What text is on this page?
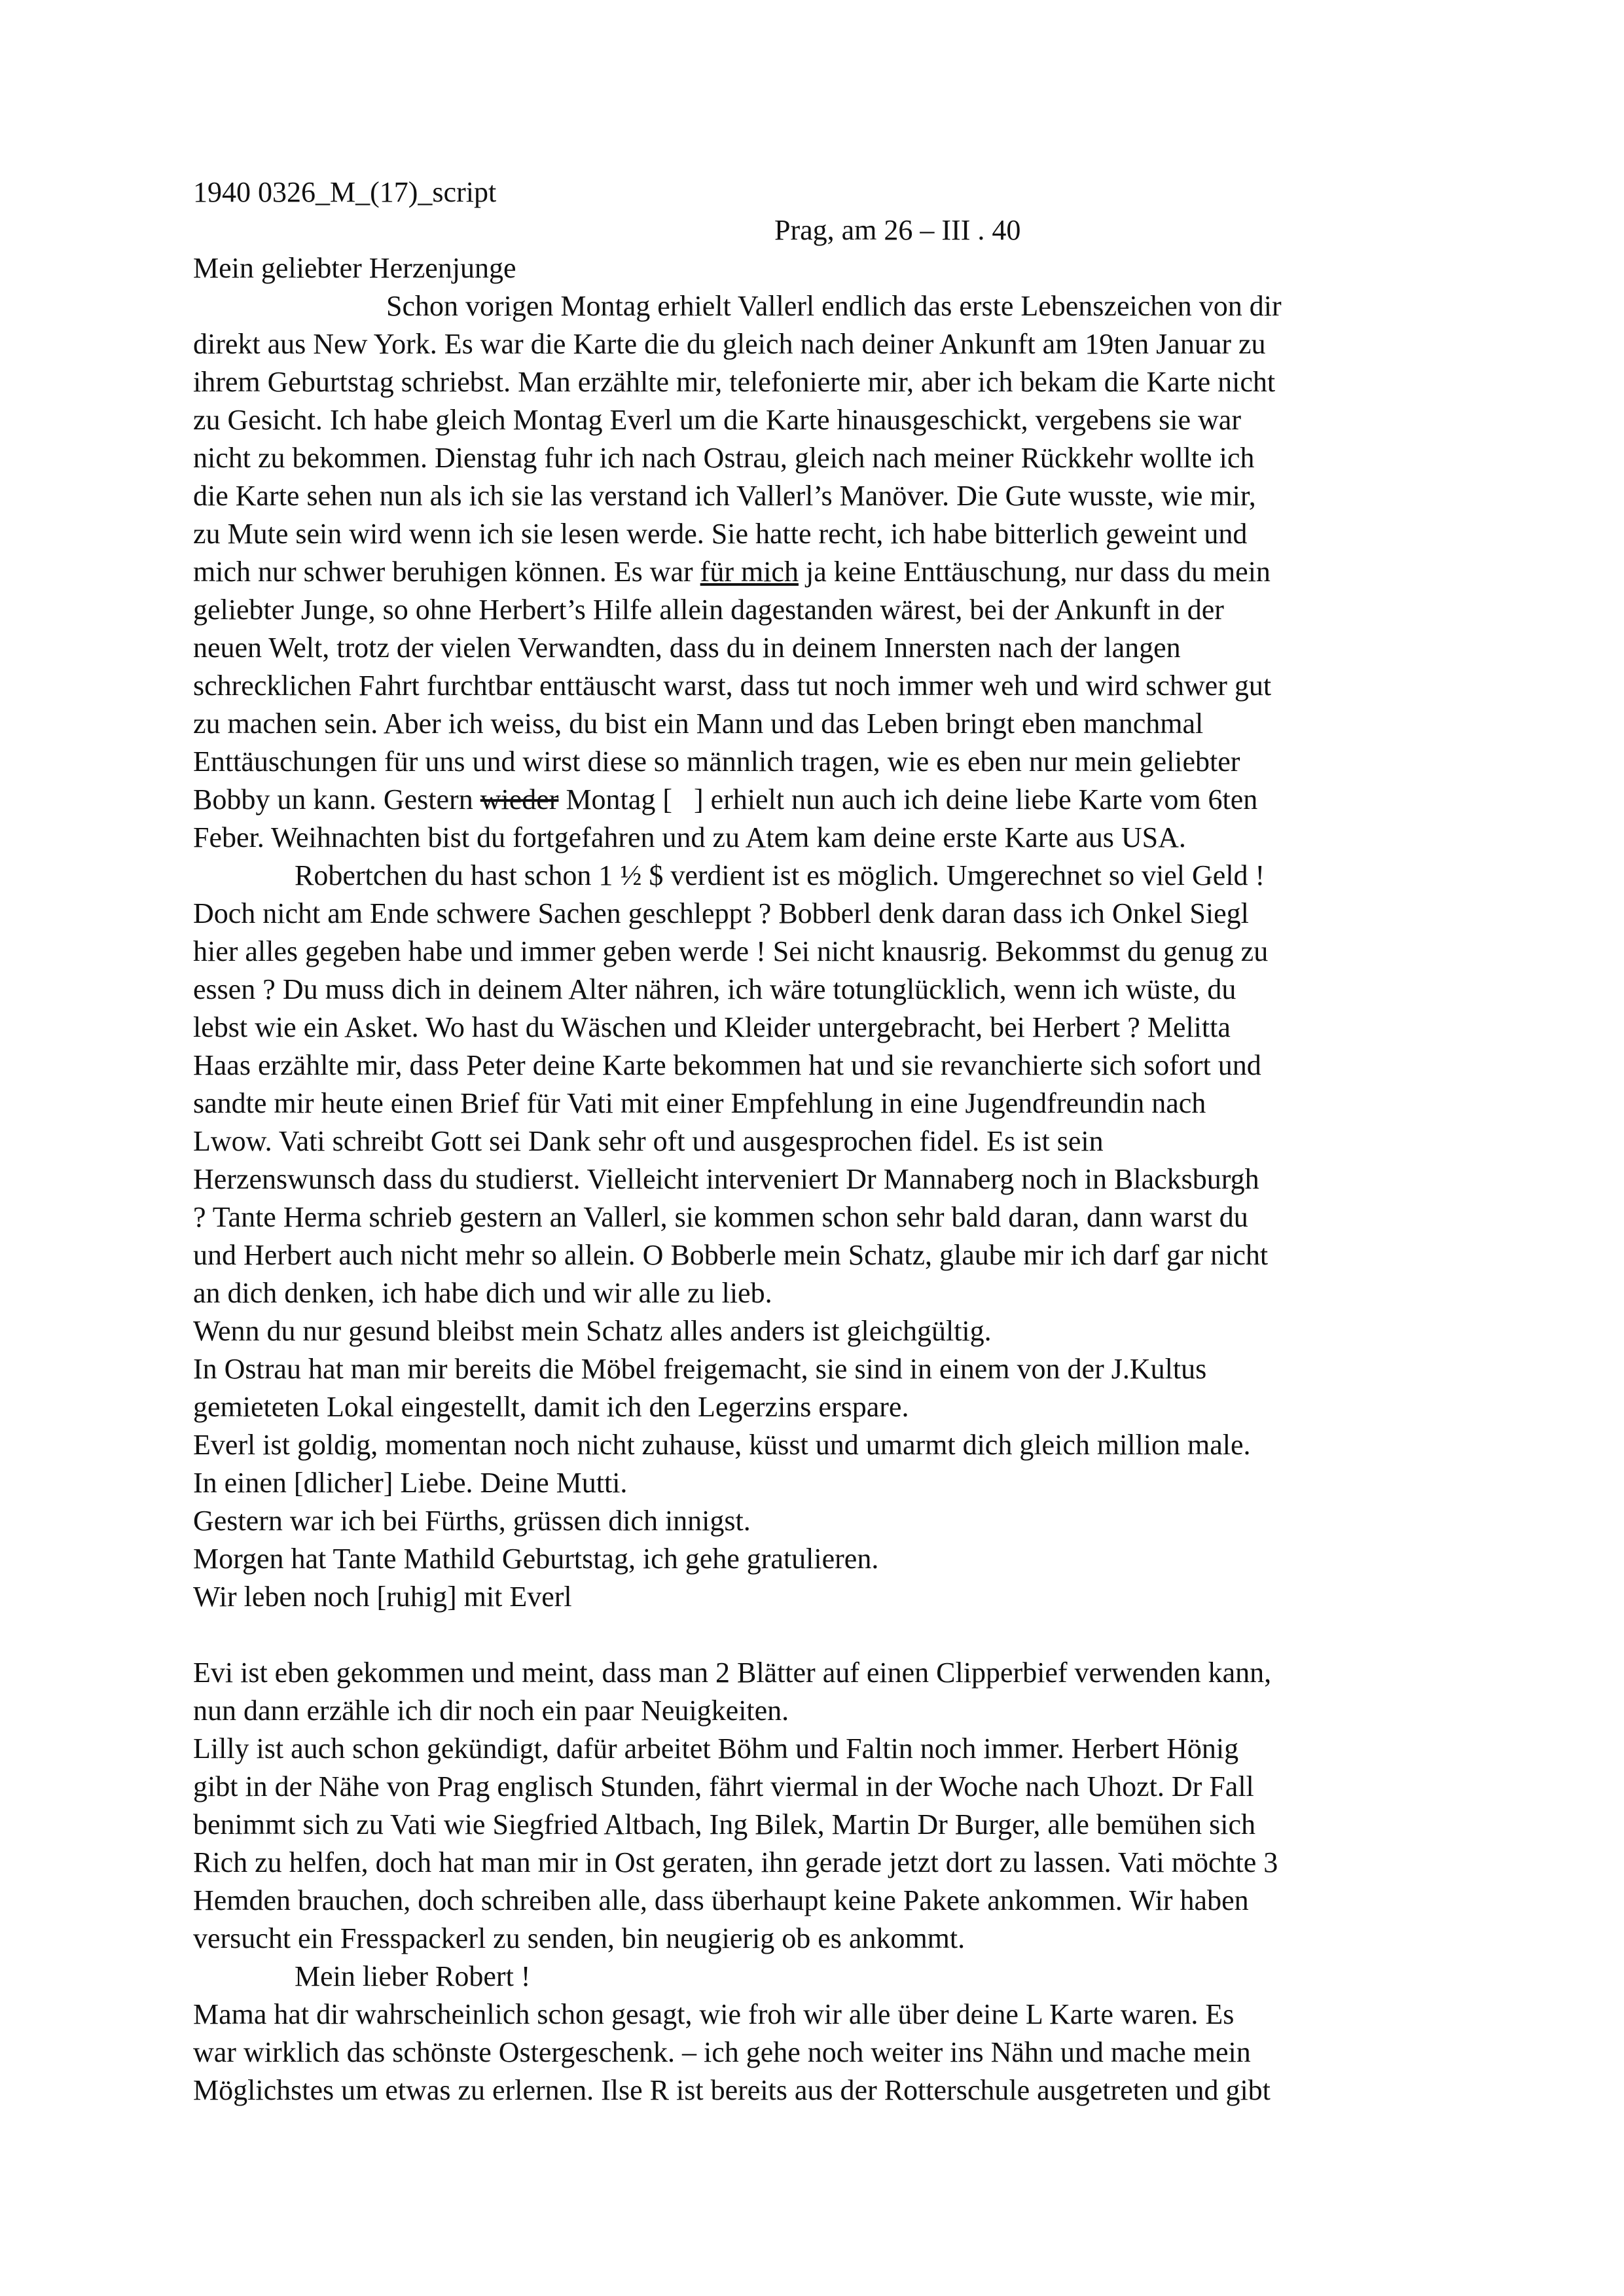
1940 0326_M_(17)_script
Prag, am 26 – III . 40
Mein geliebter Herzenjunge
Schon vorigen Montag erhielt Vallerl endlich das erste Lebenszeichen von dir
direkt aus New York. Es war die Karte die du gleich nach deiner Ankunft am 19ten Januar zu
ihrem Geburtstag schriebst. Man erzählte mir, telefonierte mir, aber ich bekam die Karte nicht
zu Gesicht. Ich habe gleich Montag Everl um die Karte hinausgeschickt, vergebens sie war
nicht zu bekommen. Dienstag fuhr ich nach Ostrau, gleich nach meiner Rückkehr wollte ich
die Karte sehen nun als ich sie las verstand ich Vallerl’s Manöver. Die Gute wusste, wie mir,
zu Mute sein wird wenn ich sie lesen werde. Sie hatte recht, ich habe bitterlich geweint und
mich nur schwer beruhigen können. Es war für mich ja keine Enttäuschung, nur dass du mein
geliebter Junge, so ohne Herbert’s Hilfe allein dagestanden wärest, bei der Ankunft in der
neuen Welt, trotz der vielen Verwandten, dass du in deinem Innersten nach der langen
schrecklichen Fahrt furchtbar enttäuscht warst, dass tut noch immer weh und wird schwer gut
zu machen sein. Aber ich weiss, du bist ein Mann und das Leben bringt eben manchmal
Enttäuschungen für uns und wirst diese so männlich tragen, wie es eben nur mein geliebter
Bobby un kann. Gestern wieder Montag [   ] erhielt nun auch ich deine liebe Karte vom 6ten
Feber. Weihnachten bist du fortgefahren und zu Atem kam deine erste Karte aus USA.
Robertchen du hast schon 1 ½ $ verdient ist es möglich. Umgerechnet so viel Geld !
Doch nicht am Ende schwere Sachen geschleppt ? Bobberl denk daran dass ich Onkel Siegl
hier alles gegeben habe und immer geben werde ! Sei nicht knausrig. Bekommst du genug zu
essen ? Du muss dich in deinem Alter nähren, ich wäre totunglücklich, wenn ich wüste, du
lebst wie ein Asket. Wo hast du Wäschen und Kleider untergebracht, bei Herbert ? Melitta
Haas erzählte mir, dass Peter deine Karte bekommen hat und sie revanchierte sich sofort und
sandte mir heute einen Brief für Vati mit einer Empfehlung in eine Jugendfreundin nach
Lwow. Vati schreibt Gott sei Dank sehr oft und ausgesprochen fidel. Es ist sein
Herzenswunsch dass du studierst. Vielleicht interveniert Dr Mannaberg noch in Blacksburgh
? Tante Herma schrieb gestern an Vallerl, sie kommen schon sehr bald daran, dann warst du
und Herbert auch nicht mehr so allein. O Bobberle mein Schatz, glaube mir ich darf gar nicht
an dich denken, ich habe dich und wir alle zu lieb.
Wenn du nur gesund bleibst mein Schatz alles anders ist gleichgültig.
In Ostrau hat man mir bereits die Möbel freigemacht, sie sind in einem von der J.Kultus
gemieteten Lokal eingestellt, damit ich den Legerzins erspare.
Everl ist goldig, momentan noch nicht zuhause, küsst und umarmt dich gleich million male.
In einen [dlicher] Liebe. Deine Mutti.
Gestern war ich bei Fürths, grüssen dich innigst.
Morgen hat Tante Mathild Geburtstag, ich gehe gratulieren.
Wir leben noch [ruhig] mit Everl
Evi ist eben gekommen und meint, dass man 2 Blätter auf einen Clipperbief verwenden kann,
nun dann erzähle ich dir noch ein paar Neuigkeiten.
Lilly ist auch schon gekündigt, dafür arbeitet Böhm und Faltin noch immer. Herbert Hönig
gibt in der Nähe von Prag englisch Stunden, fährt viermal in der Woche nach Uhozt. Dr Fall
benimmt sich zu Vati wie Siegfried Altbach, Ing Bilek, Martin Dr Burger, alle bemühen sich
Rich zu helfen, doch hat man mir in Ost geraten, ihn gerade jetzt dort zu lassen. Vati möchte 3
Hemden brauchen, doch schreiben alle, dass überhaupt keine Pakete ankommen. Wir haben
versucht ein Fresspackerl zu senden, bin neugierig ob es ankommt.
Mein lieber Robert !
Mama hat dir wahrscheinlich schon gesagt, wie froh wir alle über deine L Karte waren. Es
war wirklich das schönste Ostergeschenk. – ich gehe noch weiter ins Nähn und mache mein
Möglichstes um etwas zu erlernen. Ilse R ist bereits aus der Rotterschule ausgetreten und gibt
